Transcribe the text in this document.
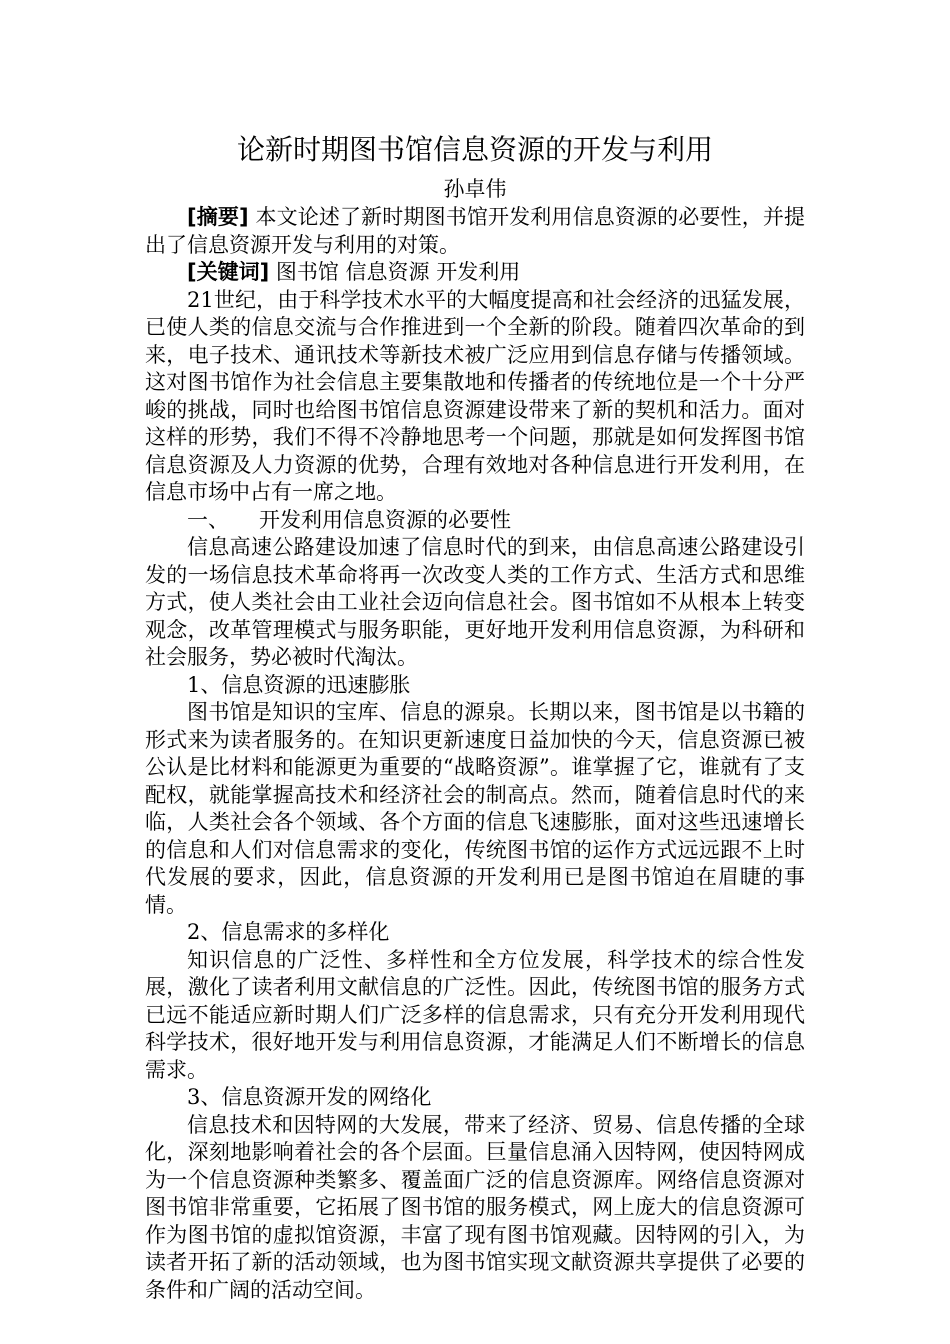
论新时期图书馆信息资源的开发与利用
孙卓伟

[摘要] 本文论述了新时期图书馆开发利用信息资源的必要性，并提出了信息资源开发与利用的对策。

[关键词] 图书馆 信息资源 开发利用

21世纪，由于科学技术水平的大幅度提高和社会经济的迅猛发展，已使人类的信息交流与合作推进到一个全新的阶段。随着四次革命的到来，电子技术、通讯技术等新技术被广泛应用到信息存储与传播领域。这对图书馆作为社会信息主要集散地和传播者的传统地位是一个十分严峻的挑战，同时也给图书馆信息资源建设带来了新的契机和活力。面对这样的形势，我们不得不冷静地思考一个问题，那就是如何发挥图书馆信息资源及人力资源的优势，合理有效地对各种信息进行开发利用，在信息市场中占有一席之地。

一、 开发利用信息资源的必要性

信息高速公路建设加速了信息时代的到来，由信息高速公路建设引发的一场信息技术革命将再一次改变人类的工作方式、生活方式和思维方式，使人类社会由工业社会迈向信息社会。图书馆如不从根本上转变观念，改革管理模式与服务职能，更好地开发利用信息资源，为科研和社会服务，势必被时代淘汰。

1、信息资源的迅速膨胀

图书馆是知识的宝库、信息的源泉。长期以来，图书馆是以书籍的形式来为读者服务的。在知识更新速度日益加快的今天，信息资源已被公认是比材料和能源更为重要的“战略资源”。谁掌握了它，谁就有了支配权，就能掌握高技术和经济社会的制高点。然而，随着信息时代的来临，人类社会各个领域、各个方面的信息飞速膨胀，面对这些迅速增长的信息和人们对信息需求的变化，传统图书馆的运作方式远远跟不上时代发展的要求，因此，信息资源的开发利用已是图书馆迫在眉睫的事情。

2、信息需求的多样化

知识信息的广泛性、多样性和全方位发展，科学技术的综合性发展，激化了读者利用文献信息的广泛性。因此，传统图书馆的服务方式已远不能适应新时期人们广泛多样的信息需求，只有充分开发利用现代科学技术，很好地开发与利用信息资源，才能满足人们不断增长的信息需求。

3、信息资源开发的网络化

信息技术和因特网的大发展，带来了经济、贸易、信息传播的全球化，深刻地影响着社会的各个层面。巨量信息涌入因特网，使因特网成为一个信息资源种类繁多、覆盖面广泛的信息资源库。网络信息资源对图书馆非常重要，它拓展了图书馆的服务模式，网上庞大的信息资源可作为图书馆的虚拟馆资源，丰富了现有图书馆观藏。因特网的引入，为读者开拓了新的活动领域，也为图书馆实现文献资源共享提供了必要的条件和广阔的活动空间。
